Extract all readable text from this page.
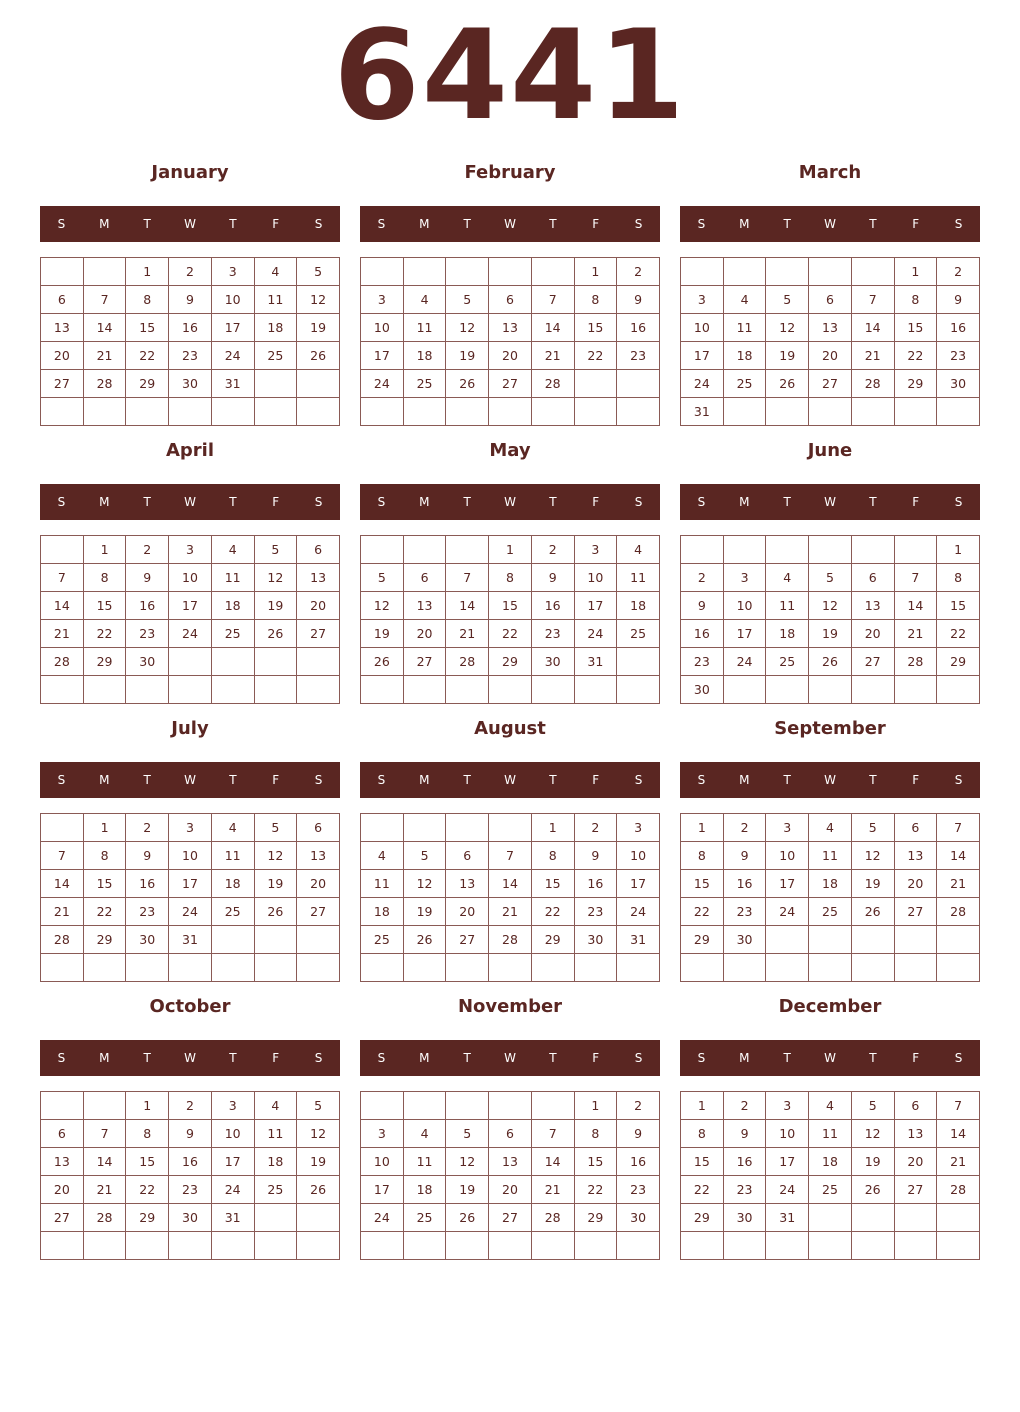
6441
January
S	M	T	W	T	F	S
		1	2	3	4	5
6	7	8	9	10	11	12
13	14	15	16	17	18	19
20	21	22	23	24	25	26
27	28	29	30	31		

February
S	M	T	W	T	F	S
					1	2
3	4	5	6	7	8	9
10	11	12	13	14	15	16
17	18	19	20	21	22	23
24	25	26	27	28		

March
S	M	T	W	T	F	S
					1	2
3	4	5	6	7	8	9
10	11	12	13	14	15	16
17	18	19	20	21	22	23
24	25	26	27	28	29	30
31						
April
S	M	T	W	T	F	S
	1	2	3	4	5	6
7	8	9	10	11	12	13
14	15	16	17	18	19	20
21	22	23	24	25	26	27
28	29	30				

May
S	M	T	W	T	F	S
			1	2	3	4
5	6	7	8	9	10	11
12	13	14	15	16	17	18
19	20	21	22	23	24	25
26	27	28	29	30	31	

June
S	M	T	W	T	F	S
						1
2	3	4	5	6	7	8
9	10	11	12	13	14	15
16	17	18	19	20	21	22
23	24	25	26	27	28	29
30						
July
S	M	T	W	T	F	S
	1	2	3	4	5	6
7	8	9	10	11	12	13
14	15	16	17	18	19	20
21	22	23	24	25	26	27
28	29	30	31			

August
S	M	T	W	T	F	S
				1	2	3
4	5	6	7	8	9	10
11	12	13	14	15	16	17
18	19	20	21	22	23	24
25	26	27	28	29	30	31

September
S	M	T	W	T	F	S
1	2	3	4	5	6	7
8	9	10	11	12	13	14
15	16	17	18	19	20	21
22	23	24	25	26	27	28
29	30					

October
S	M	T	W	T	F	S
		1	2	3	4	5
6	7	8	9	10	11	12
13	14	15	16	17	18	19
20	21	22	23	24	25	26
27	28	29	30	31		

November
S	M	T	W	T	F	S
					1	2
3	4	5	6	7	8	9
10	11	12	13	14	15	16
17	18	19	20	21	22	23
24	25	26	27	28	29	30

December
S	M	T	W	T	F	S
1	2	3	4	5	6	7
8	9	10	11	12	13	14
15	16	17	18	19	20	21
22	23	24	25	26	27	28
29	30	31				
